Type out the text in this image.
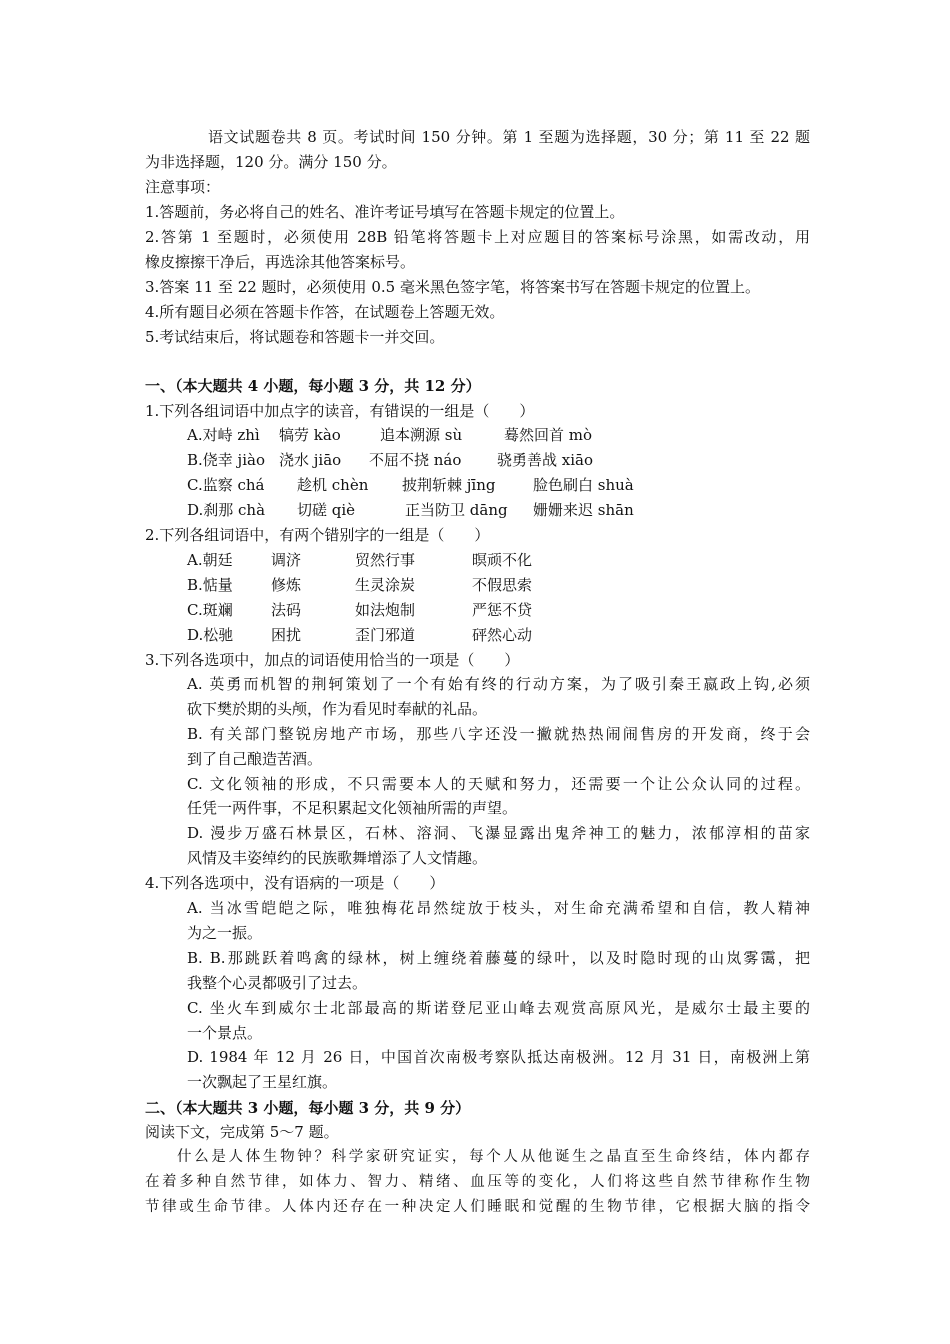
语文试题卷共 8 页。考试时间 150 分钟。第 1 至题为选择题，30 分；第 11 至 22 题
为非选择题，120 分。满分 150 分。
注意事项：
1.答题前，务必将自己的姓名、准许考证号填写在答题卡规定的位置上。
2.答第 1 至题时，必须使用 28B 铅笔将答题卡上对应题目的答案标号涂黑，如需改动，用
橡皮擦擦干净后，再选涂其他答案标号。
3.答案 11 至 22 题时，必须使用 0.5 毫米黑色签字笔，将答案书写在答题卡规定的位置上。
4.所有题目必须在答题卡作答，在试题卷上答题无效。
5.考试结束后，将试题卷和答题卡一并交回。
一、（本大题共 4 小题，每小题 3 分，共 12 分）
1.下列各组词语中加点字的读音，有错误的一组是（　　）
A.对峙 zhì 犒劳 kào	追本溯源 sù	蓦然回首 mò
B.侥幸 jiào 浇水 jiāo 不屈不挠 náo 骁勇善战 xiāo
C.监察 chá 趁机 chèn 披荆斩棘 jīng	脸色刷白 shuà
D.刹那 chà 切磋 qiè	正当防卫 dāng 姗姗来迟 shān
2.下列各组词语中，有两个错别字的一组是（　　）
A.朝廷	调济	贸然行事	暝顽不化
B.惦量	修炼	生灵涂炭	不假思索
C.斑斓	法码	如法炮制	严惩不贷
D.松驰	困扰	歪门邪道	砰然心动
3.下列各选项中，加点的词语使用恰当的一项是（　　）
A. 英勇而机智的荆轲策划了一个有始有终的行动方案，为了吸引秦王嬴政上钩,必须
砍下樊於期的头颅，作为看见时奉献的礼品。
B. 有关部门整锐房地产市场，那些八字还没一撇就热热闹闹售房的开发商，终于会
到了自己酿造苦酒。
C. 文化领袖的形成，不只需要本人的天赋和努力，还需要一个让公众认同的过程。
任凭一两件事，不足积累起文化领袖所需的声望。
D. 漫步万盛石林景区，石林、溶洞、飞瀑显露出鬼斧神工的魅力，浓郁淳相的苗家
风情及丰姿绰约的民族歌舞增添了人文情趣。
4.下列各选项中，没有语病的一项是（　　）
A. 当冰雪皑皑之际，唯独梅花昂然绽放于枝头，对生命充满希望和自信，教人精神
为之一振。
B. B.那跳跃着鸣禽的绿林，树上缠绕着藤蔓的绿叶，以及时隐时现的山岚雾霭，把
我整个心灵都吸引了过去。
C. 坐火车到威尔士北部最高的斯诺登尼亚山峰去观赏高原风光，是威尔士最主要的
一个景点。
D. 1984 年 12 月 26 日，中国首次南极考察队抵达南极洲。12 月 31 日，南极洲上第
一次飘起了王星红旗。
二、（本大题共 3 小题，每小题 3 分，共 9 分）
阅读下文，完成第 5～7 题。
什么是人体生物钟？科学家研究证实，每个人从他诞生之晶直至生命终结，体内都存
在着多种自然节律，如体力、智力、精绪、血压等的变化，人们将这些自然节律称作生物
节律或生命节律。人体内还存在一种决定人们睡眠和觉醒的生物节律，它根据大脑的指令
